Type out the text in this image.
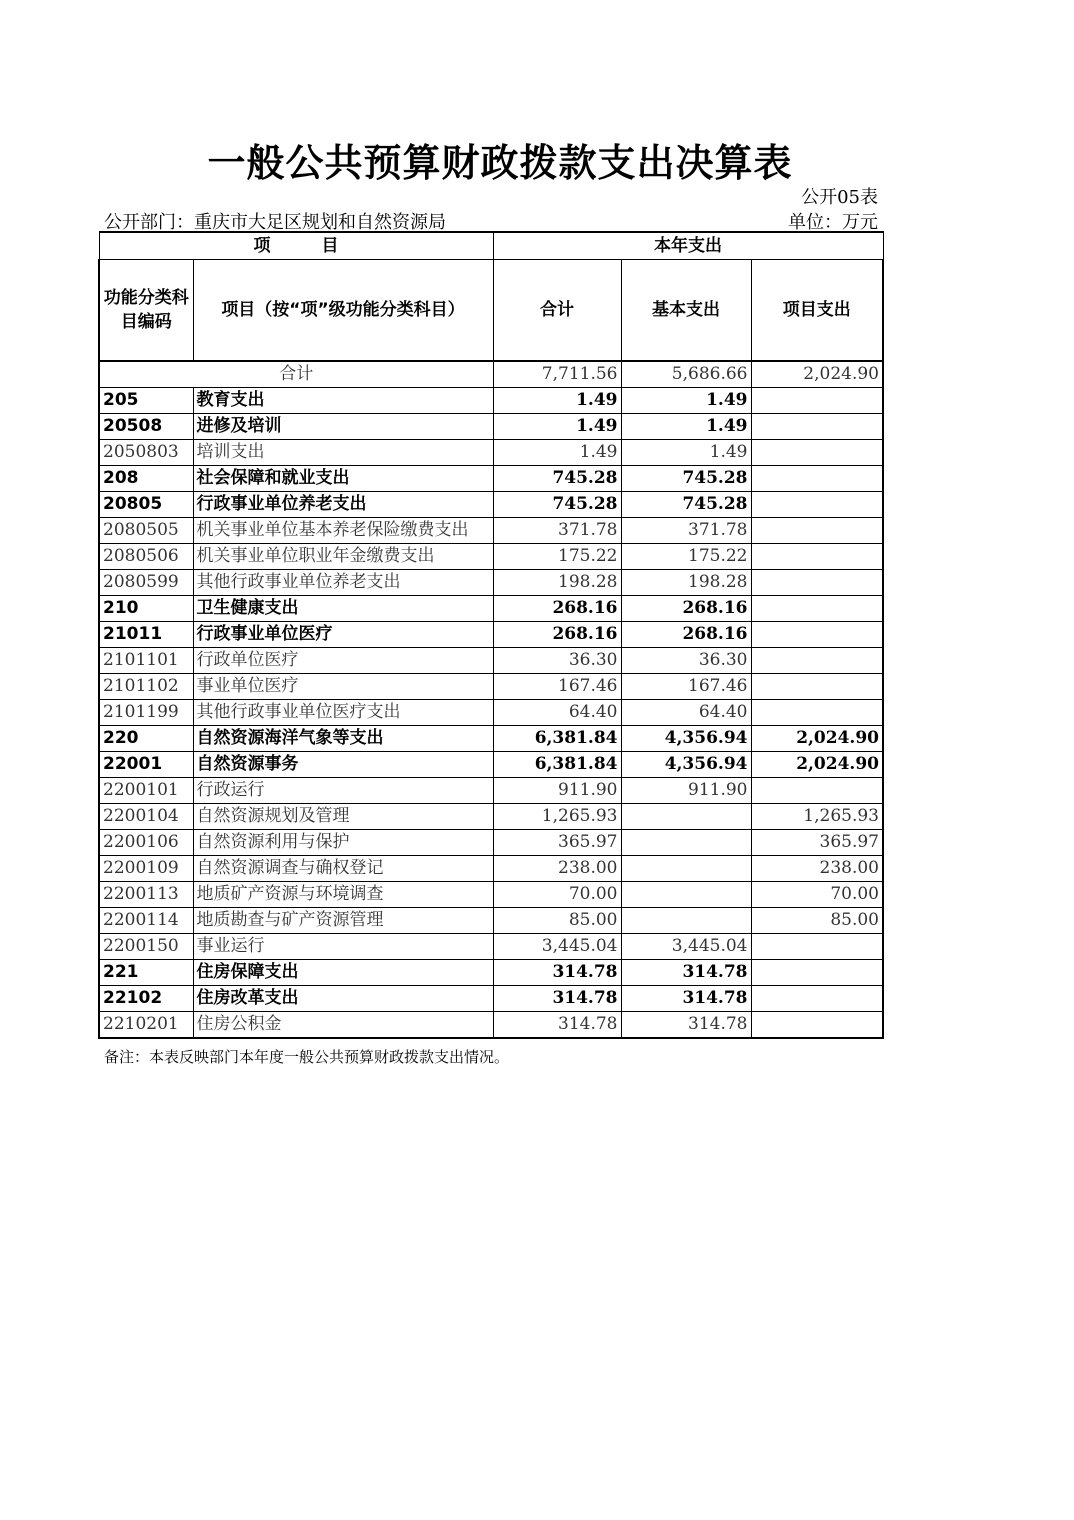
一般公共预算财政拨款支出决算表
公开05表
公开部门：重庆市大足区规划和自然资源局	单位：万元
项　　　目		本年支出		
功能分类科目编码	项目（按“项”级功能分类科目）	合计	基本支出	项目支出
合计		7,711.56	5,686.66	2,024.90
205	教育支出	1.49	1.49	
20508	进修及培训	1.49	1.49	
2050803	培训支出	1.49	1.49	
208	社会保障和就业支出	745.28	745.28	
20805	行政事业单位养老支出	745.28	745.28	
2080505	机关事业单位基本养老保险缴费支出	371.78	371.78	
2080506	机关事业单位职业年金缴费支出	175.22	175.22	
2080599	其他行政事业单位养老支出	198.28	198.28	
210	卫生健康支出	268.16	268.16	
21011	行政事业单位医疗	268.16	268.16	
2101101	行政单位医疗	36.30	36.30	
2101102	事业单位医疗	167.46	167.46	
2101199	其他行政事业单位医疗支出	64.40	64.40	
220	自然资源海洋气象等支出	6,381.84	4,356.94	2,024.90
22001	自然资源事务	6,381.84	4,356.94	2,024.90
2200101	行政运行	911.90	911.90	
2200104	自然资源规划及管理	1,265.93		1,265.93
2200106	自然资源利用与保护	365.97		365.97
2200109	自然资源调查与确权登记	238.00		238.00
2200113	地质矿产资源与环境调查	70.00		70.00
2200114	地质勘查与矿产资源管理	85.00		85.00
2200150	事业运行	3,445.04	3,445.04	
221	住房保障支出	314.78	314.78	
22102	住房改革支出	314.78	314.78	
2210201	住房公积金	314.78	314.78	
备注：本表反映部门本年度一般公共预算财政拨款支出情况。
